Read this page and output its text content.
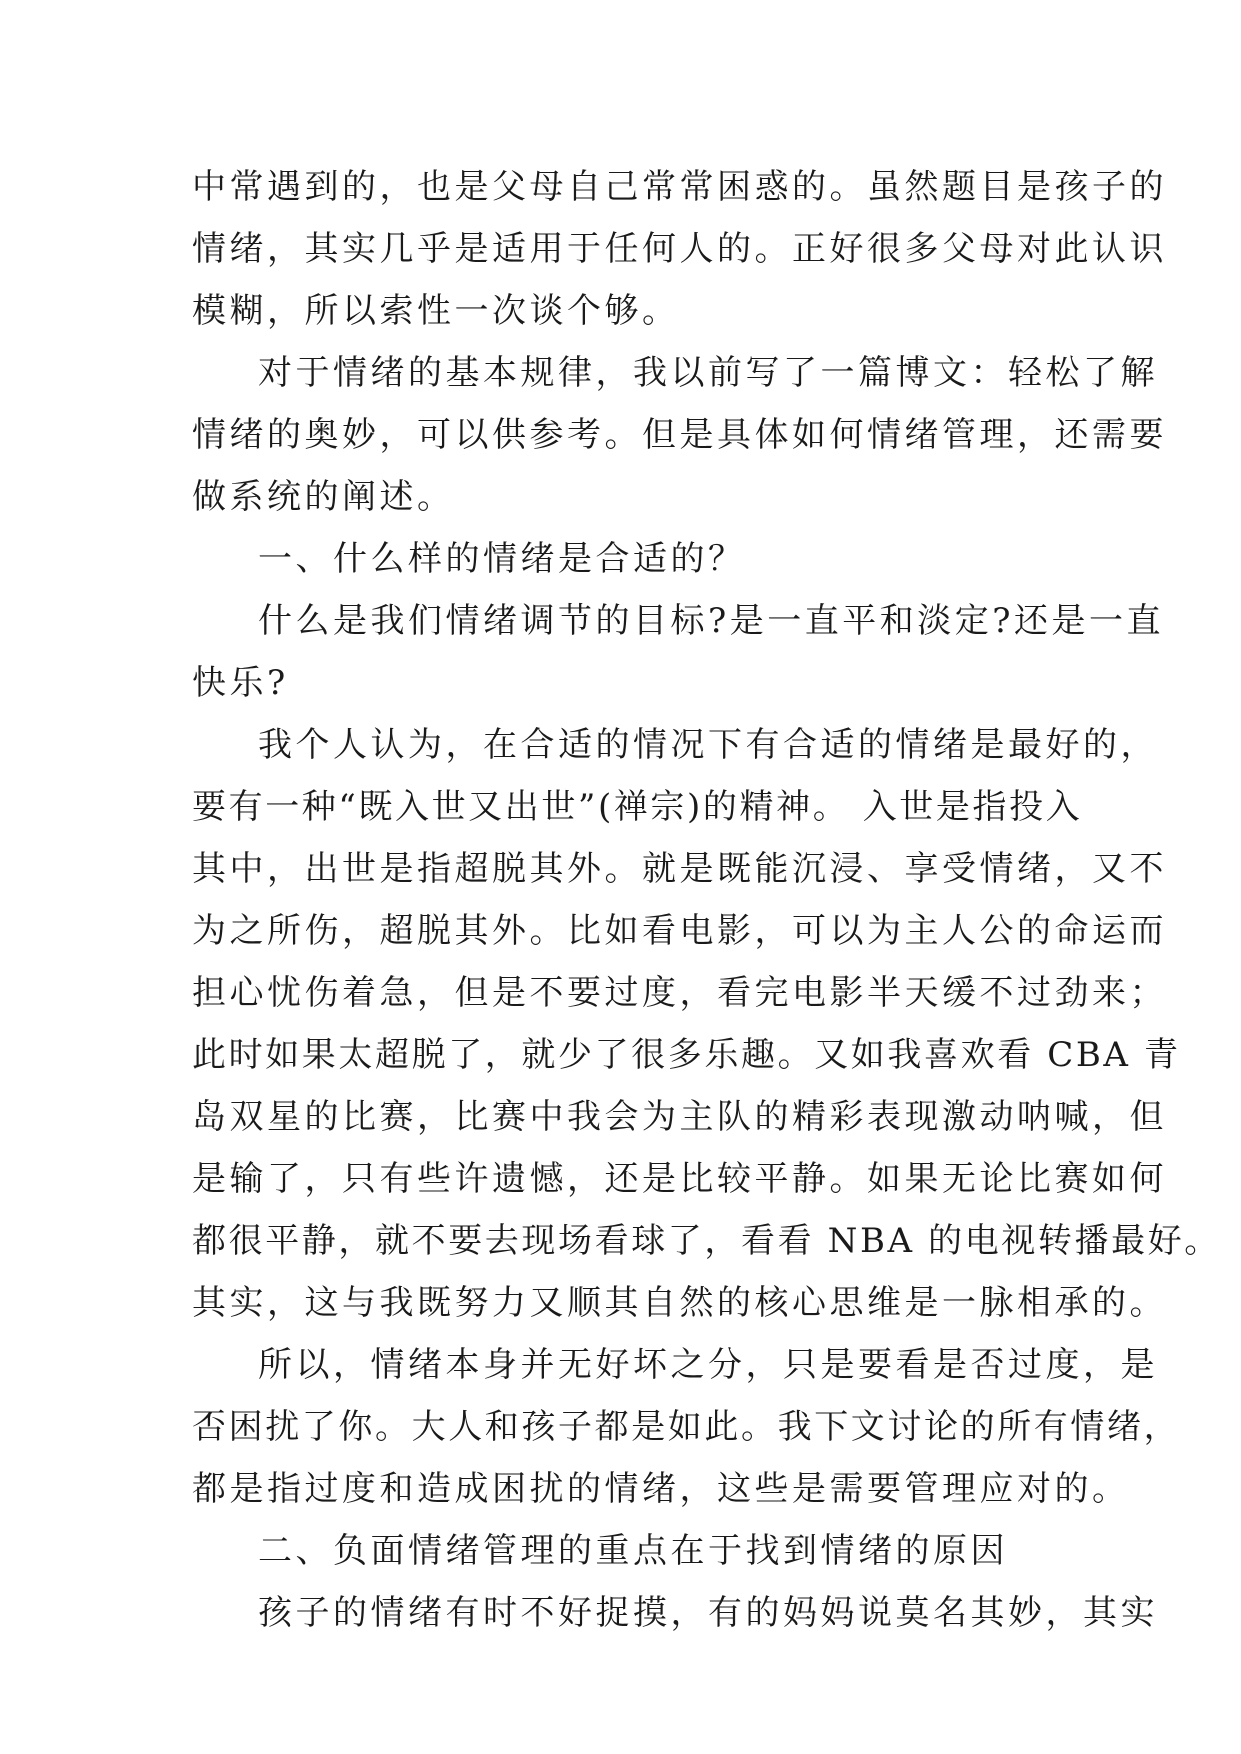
中常遇到的，也是父母自己常常困惑的。虽然题目是孩子的
情绪，其实几乎是适用于任何人的。正好很多父母对此认识
模糊，所以索性一次谈个够。
对于情绪的基本规律，我以前写了一篇博文：轻松了解
情绪的奥妙，可以供参考。但是具体如何情绪管理，还需要
做系统的阐述。
一、什么样的情绪是合适的？
什么是我们情绪调节的目标?是一直平和淡定?还是一直
快乐?
我个人认为，在合适的情况下有合适的情绪是最好的，
要有一种“既入世又出世”(禅宗)的精神。 入世是指投入
其中，出世是指超脱其外。就是既能沉浸、享受情绪，又不
为之所伤，超脱其外。比如看电影，可以为主人公的命运而
担心忧伤着急，但是不要过度，看完电影半天缓不过劲来；
此时如果太超脱了，就少了很多乐趣。又如我喜欢看 CBA 青
岛双星的比赛，比赛中我会为主队的精彩表现激动呐喊，但
是输了，只有些许遗憾，还是比较平静。如果无论比赛如何
都很平静，就不要去现场看球了，看看 NBA 的电视转播最好。
其实，这与我既努力又顺其自然的核心思维是一脉相承的。
所以，情绪本身并无好坏之分，只是要看是否过度，是
否困扰了你。大人和孩子都是如此。我下文讨论的所有情绪，
都是指过度和造成困扰的情绪，这些是需要管理应对的。
二、负面情绪管理的重点在于找到情绪的原因
孩子的情绪有时不好捉摸，有的妈妈说莫名其妙，其实
